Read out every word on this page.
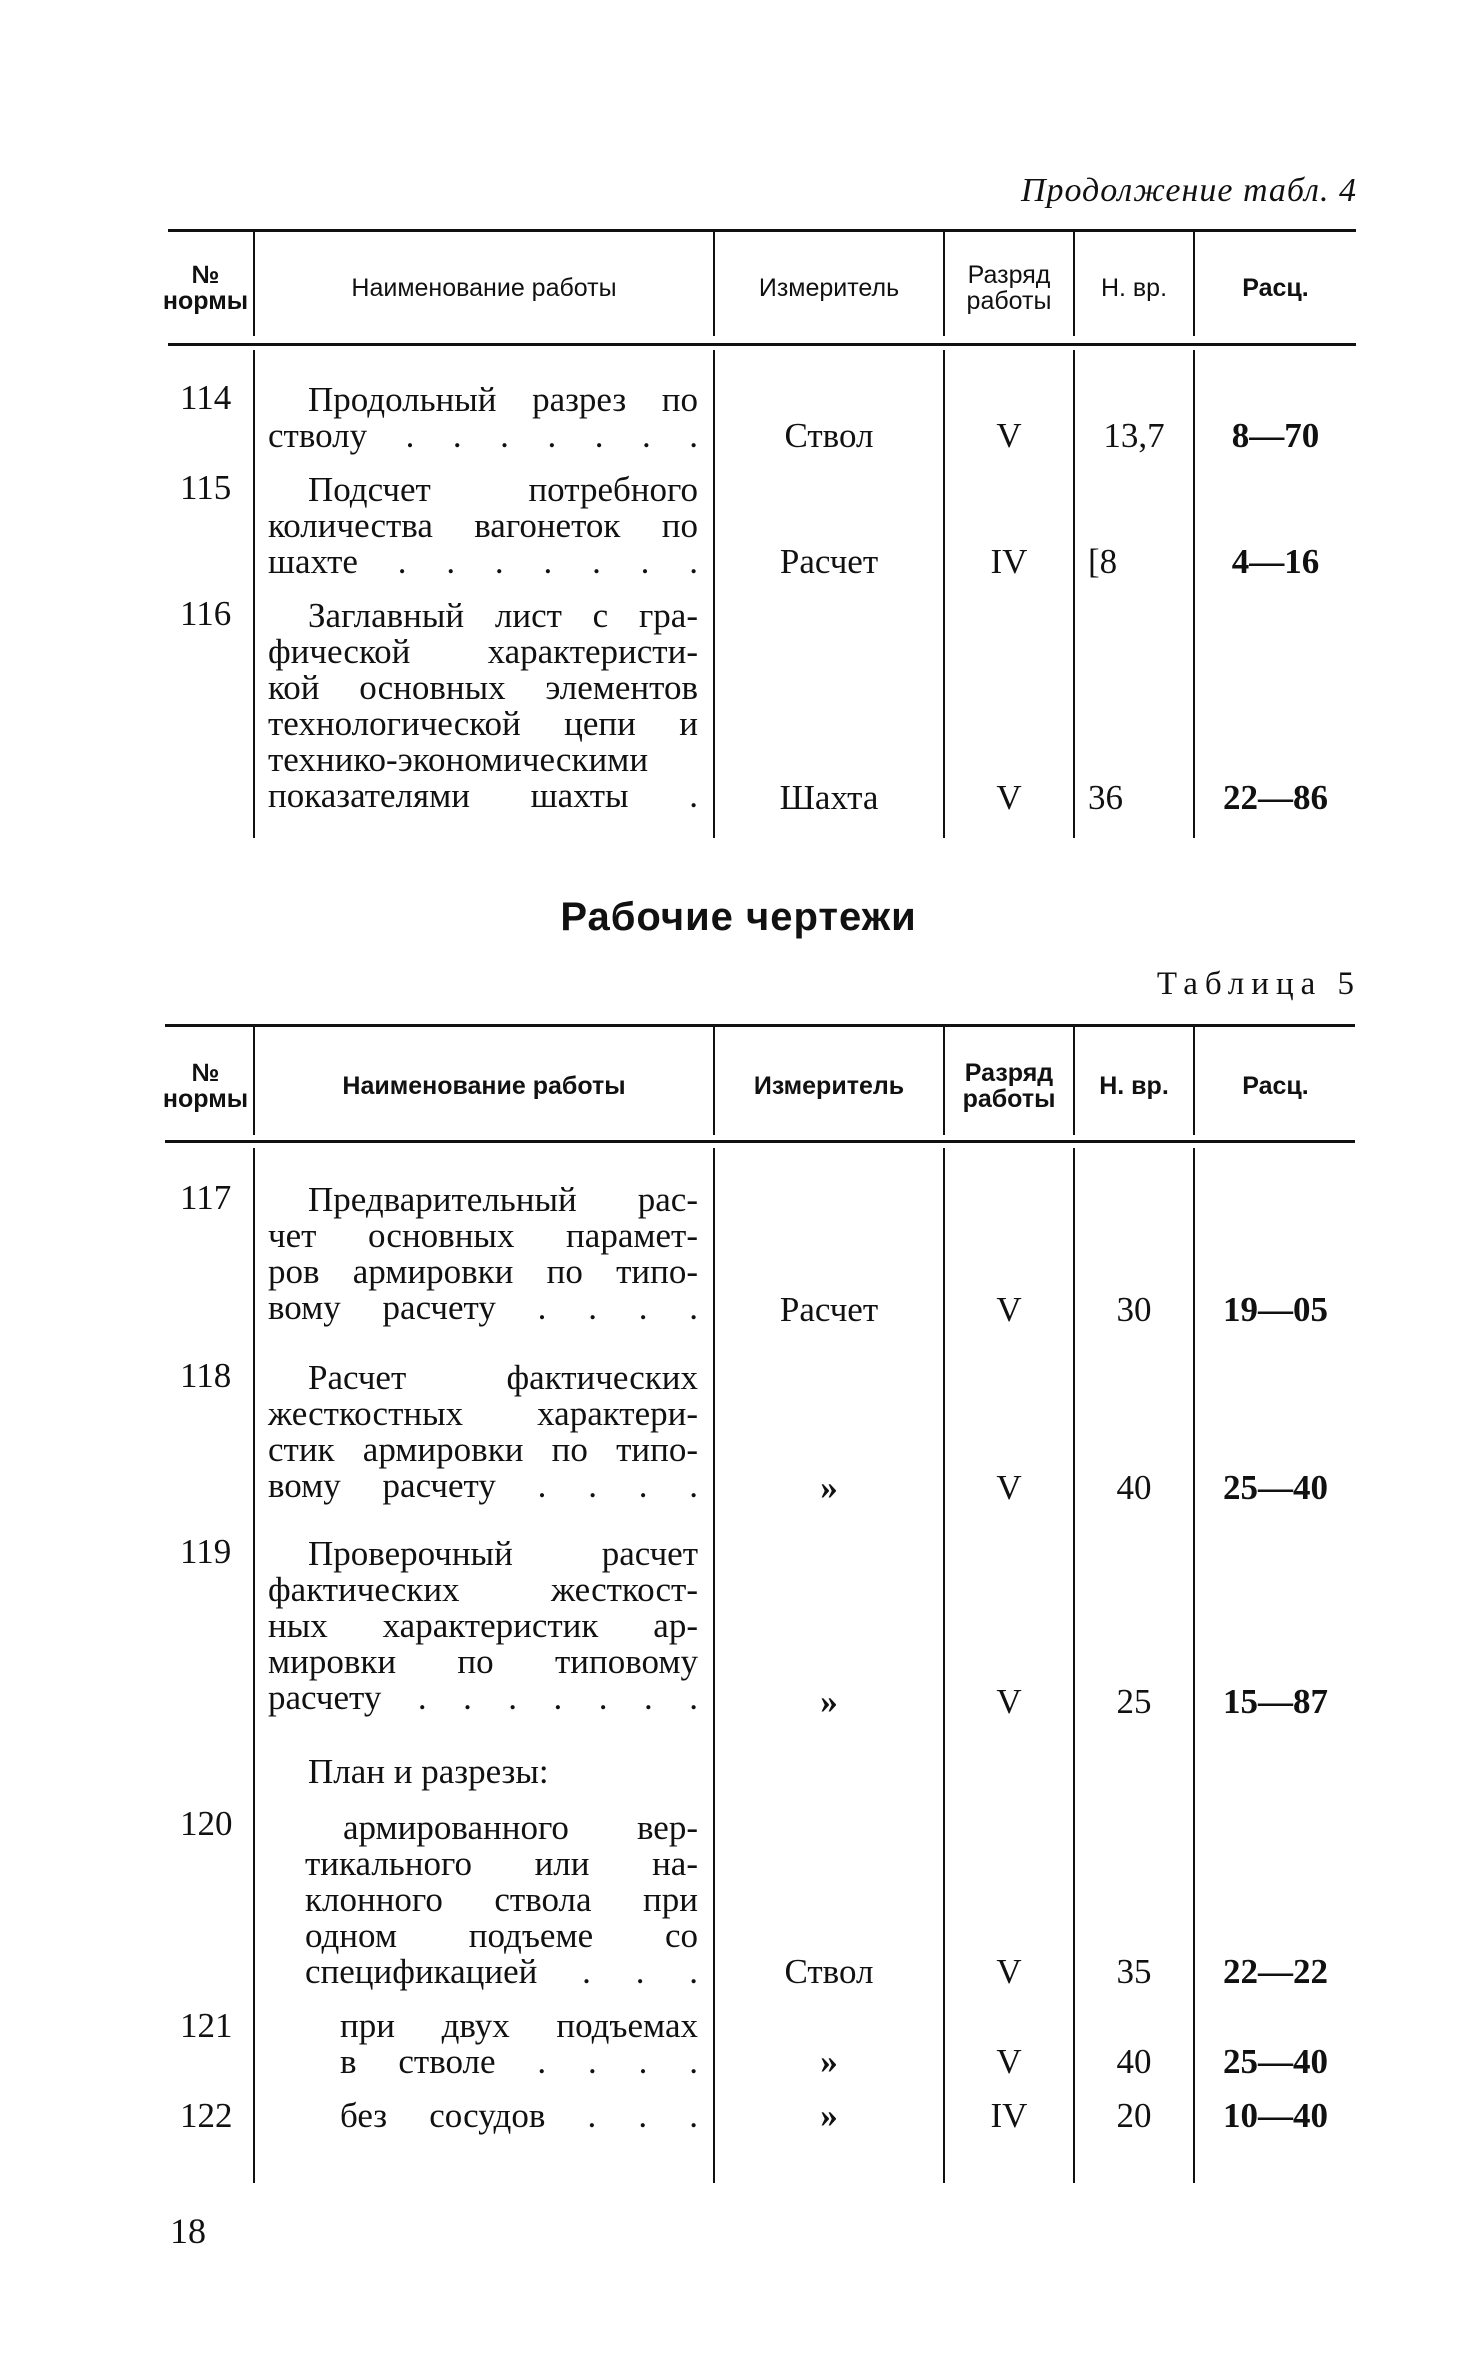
Продолжение табл. 4
№
нормы	Наименование работы	Измеритель	Разряд
работы	Н. вр.	Расц.
114	Продольный разрез по
стволу . . . . . . .	Ствол	V	13,7	8—70
115	Подсчет потребного
количества вагонеток по
шахте . . . . . . .	Расчет	IV	[8	4—16
116	Заглавный лист с гра-
фической характеристи-
кой основных элементов
технологической цепи и
технико-экономическими
показателями шахты .	Шахта	V	36	22—86
Рабочие чертежи
Таблица 5
№
нормы	Наименование работы	Измеритель	Разряд
работы	Н. вр.	Расц.
117	Предварительный рас-
чет основных парамет-
ров армировки по типо-
вому расчету . . . .	Расчет	V	30	19—05
118	Расчет фактических
жесткостных характери-
стик армировки по типо-
вому расчету . . . .	»	V	40	25—40
119	Проверочный расчет
фактических жесткост-
ных характеристик ар-
мировки по типовому
расчету . . . . . . .	»	V	25	15—87
План и разрезы:
120	армированного вер-
тикального или на-
клонного ствола при
одном подъеме со
спецификацией . . .	Ствол	V	35	22—22
121	при двух подъемах
в стволе . . . .	»	V	40	25—40
122	без сосудов . . .	»	IV	20	10—40
18
